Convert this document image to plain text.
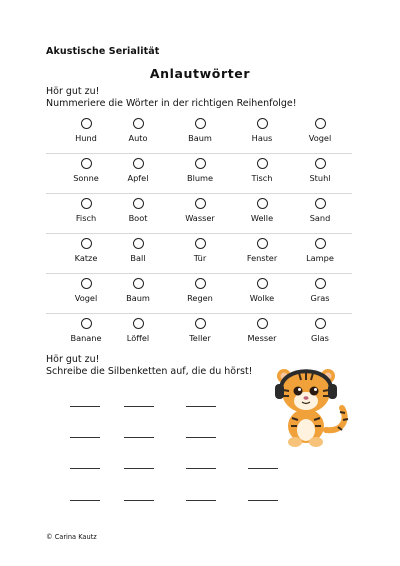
Akustische Serialität
Anlautwörter
Hör gut zu!
Nummeriere die Wörter in der richtigen Reihenfolge!
Hund	Auto	Baum	Haus	Vogel
Sonne	Apfel	Blume	Tisch	Stuhl
Fisch	Boot	Wasser	Welle	Sand
Katze	Ball	Tür	Fenster	Lampe
Vogel	Baum	Regen	Wolke	Gras
Banane	Löffel	Teller	Messer	Glas
Hör gut zu!
Schreibe die Silbenketten auf, die du hörst!
© Carina Kautz
